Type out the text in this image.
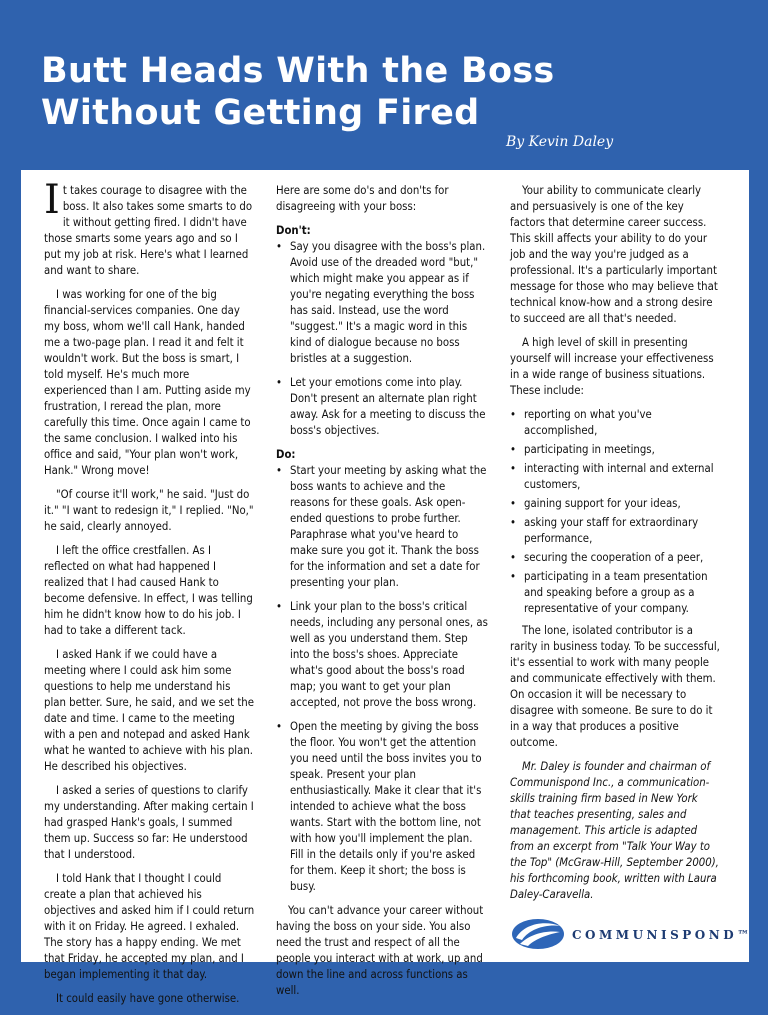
Butt Heads With the Boss
Without Getting Fired
By Kevin Daley

It takes courage to disagree with the boss. It also takes some smarts to do it without getting fired. I didn't have those smarts some years ago and so I put my job at risk. Here's what I learned and want to share.

I was working for one of the big financial-services companies. One day my boss, whom we'll call Hank, handed me a two-page plan. I read it and felt it wouldn't work. But the boss is smart, I told myself. He's much more experienced than I am. Putting aside my frustration, I reread the plan, more carefully this time. Once again I came to the same conclusion. I walked into his office and said, "Your plan won't work, Hank." Wrong move!

"Of course it'll work," he said. "Just do it." "I want to redesign it," I replied. "No," he said, clearly annoyed.

I left the office crestfallen. As I reflected on what had happened I realized that I had caused Hank to become defensive. In effect, I was telling him he didn't know how to do his job. I had to take a different tack.

I asked Hank if we could have a meeting where I could ask him some questions to help me understand his plan better. Sure, he said, and we set the date and time. I came to the meeting with a pen and notepad and asked Hank what he wanted to achieve with his plan. He described his objectives.

I asked a series of questions to clarify my understanding. After making certain I had grasped Hank's goals, I summed them up. Success so far: He understood that I understood.

I told Hank that I thought I could create a plan that achieved his objectives and asked him if I could return with it on Friday. He agreed. I exhaled. The story has a happy ending. We met that Friday, he accepted my plan, and I began implementing it that day.

It could easily have gone otherwise.

Here are some do's and don'ts for disagreeing with your boss:

Don't:
• Say you disagree with the boss's plan. Avoid use of the dreaded word "but," which might make you appear as if you're negating everything the boss has said. Instead, use the word "suggest." It's a magic word in this kind of dialogue because no boss bristles at a suggestion.
• Let your emotions come into play. Don't present an alternate plan right away. Ask for a meeting to discuss the boss's objectives.
Do:
• Start your meeting by asking what the boss wants to achieve and the reasons for these goals. Ask open-ended questions to probe further. Paraphrase what you've heard to make sure you got it. Thank the boss for the information and set a date for presenting your plan.
• Link your plan to the boss's critical needs, including any personal ones, as well as you understand them. Step into the boss's shoes. Appreciate what's good about the boss's road map; you want to get your plan accepted, not prove the boss wrong.
• Open the meeting by giving the boss the floor. You won't get the attention you need until the boss invites you to speak. Present your plan enthusiastically. Make it clear that it's intended to achieve what the boss wants. Start with the bottom line, not with how you'll implement the plan. Fill in the details only if you're asked for them. Keep it short; the boss is busy.

You can't advance your career without having the boss on your side. You also need the trust and respect of all the people you interact with at work, up and down the line and across functions as well.

Your ability to communicate clearly and persuasively is one of the key factors that determine career success. This skill affects your ability to do your job and the way you're judged as a professional. It's a particularly important message for those who may believe that technical know-how and a strong desire to succeed are all that's needed.

A high level of skill in presenting yourself will increase your effectiveness in a wide range of business situations. These include:

• reporting on what you've accomplished,
• participating in meetings,
• interacting with internal and external customers,
• gaining support for your ideas,
• asking your staff for extraordinary performance,
• securing the cooperation of a peer,
• participating in a team presentation and speaking before a group as a representative of your company.

The lone, isolated contributor is a rarity in business today. To be successful, it's essential to work with many people and communicate effectively with them. On occasion it will be necessary to disagree with someone. Be sure to do it in a way that produces a positive outcome.

Mr. Daley is founder and chairman of Communispond Inc., a communication-skills training firm based in New York that teaches presenting, sales and management. This article is adapted from an excerpt from "Talk Your Way to the Top" (McGraw-Hill, September 2000), his forthcoming book, written with Laura Daley-Caravella.

COMMUNISPOND™
